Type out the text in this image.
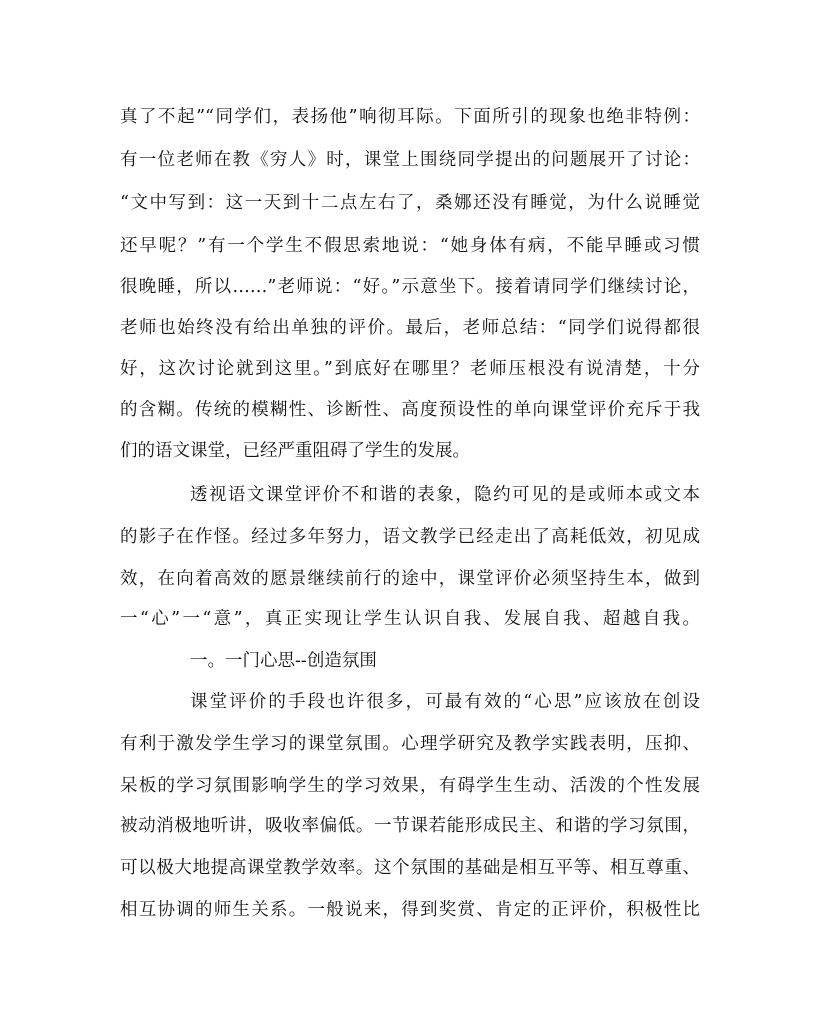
真了不起”“同学们，表扬他”响彻耳际。下面所引的现象也绝非特例：
有一位老师在教《穷人》时，课堂上围绕同学提出的问题展开了讨论：
“文中写到：这一天到十二点左右了，桑娜还没有睡觉，为什么说睡觉
还早呢？”有一个学生不假思索地说：“她身体有病，不能早睡或习惯
很晚睡，所以……”老师说：“好。”示意坐下。接着请同学们继续讨论，
老师也始终没有给出单独的评价。最后，老师总结：“同学们说得都很
好，这次讨论就到这里。”到底好在哪里？老师压根没有说清楚，十分
的含糊。传统的模糊性、诊断性、高度预设性的单向课堂评价充斥于我
们的语文课堂，已经严重阻碍了学生的发展。
透视语文课堂评价不和谐的表象，隐约可见的是或师本或文本
的影子在作怪。经过多年努力，语文教学已经走出了高耗低效，初见成
效，在向着高效的愿景继续前行的途中，课堂评价必须坚持生本，做到
一“心”一“意”，真正实现让学生认识自我、发展自我、超越自我。
一。一门心思--创造氛围
课堂评价的手段也许很多，可最有效的“心思”应该放在创设
有利于激发学生学习的课堂氛围。心理学研究及教学实践表明，压抑、
呆板的学习氛围影响学生的学习效果，有碍学生生动、活泼的个性发展
被动消极地听讲，吸收率偏低。一节课若能形成民主、和谐的学习氛围，
可以极大地提高课堂教学效率。这个氛围的基础是相互平等、相互尊重、
相互协调的师生关系。一般说来，得到奖赏、肯定的正评价，积极性比
